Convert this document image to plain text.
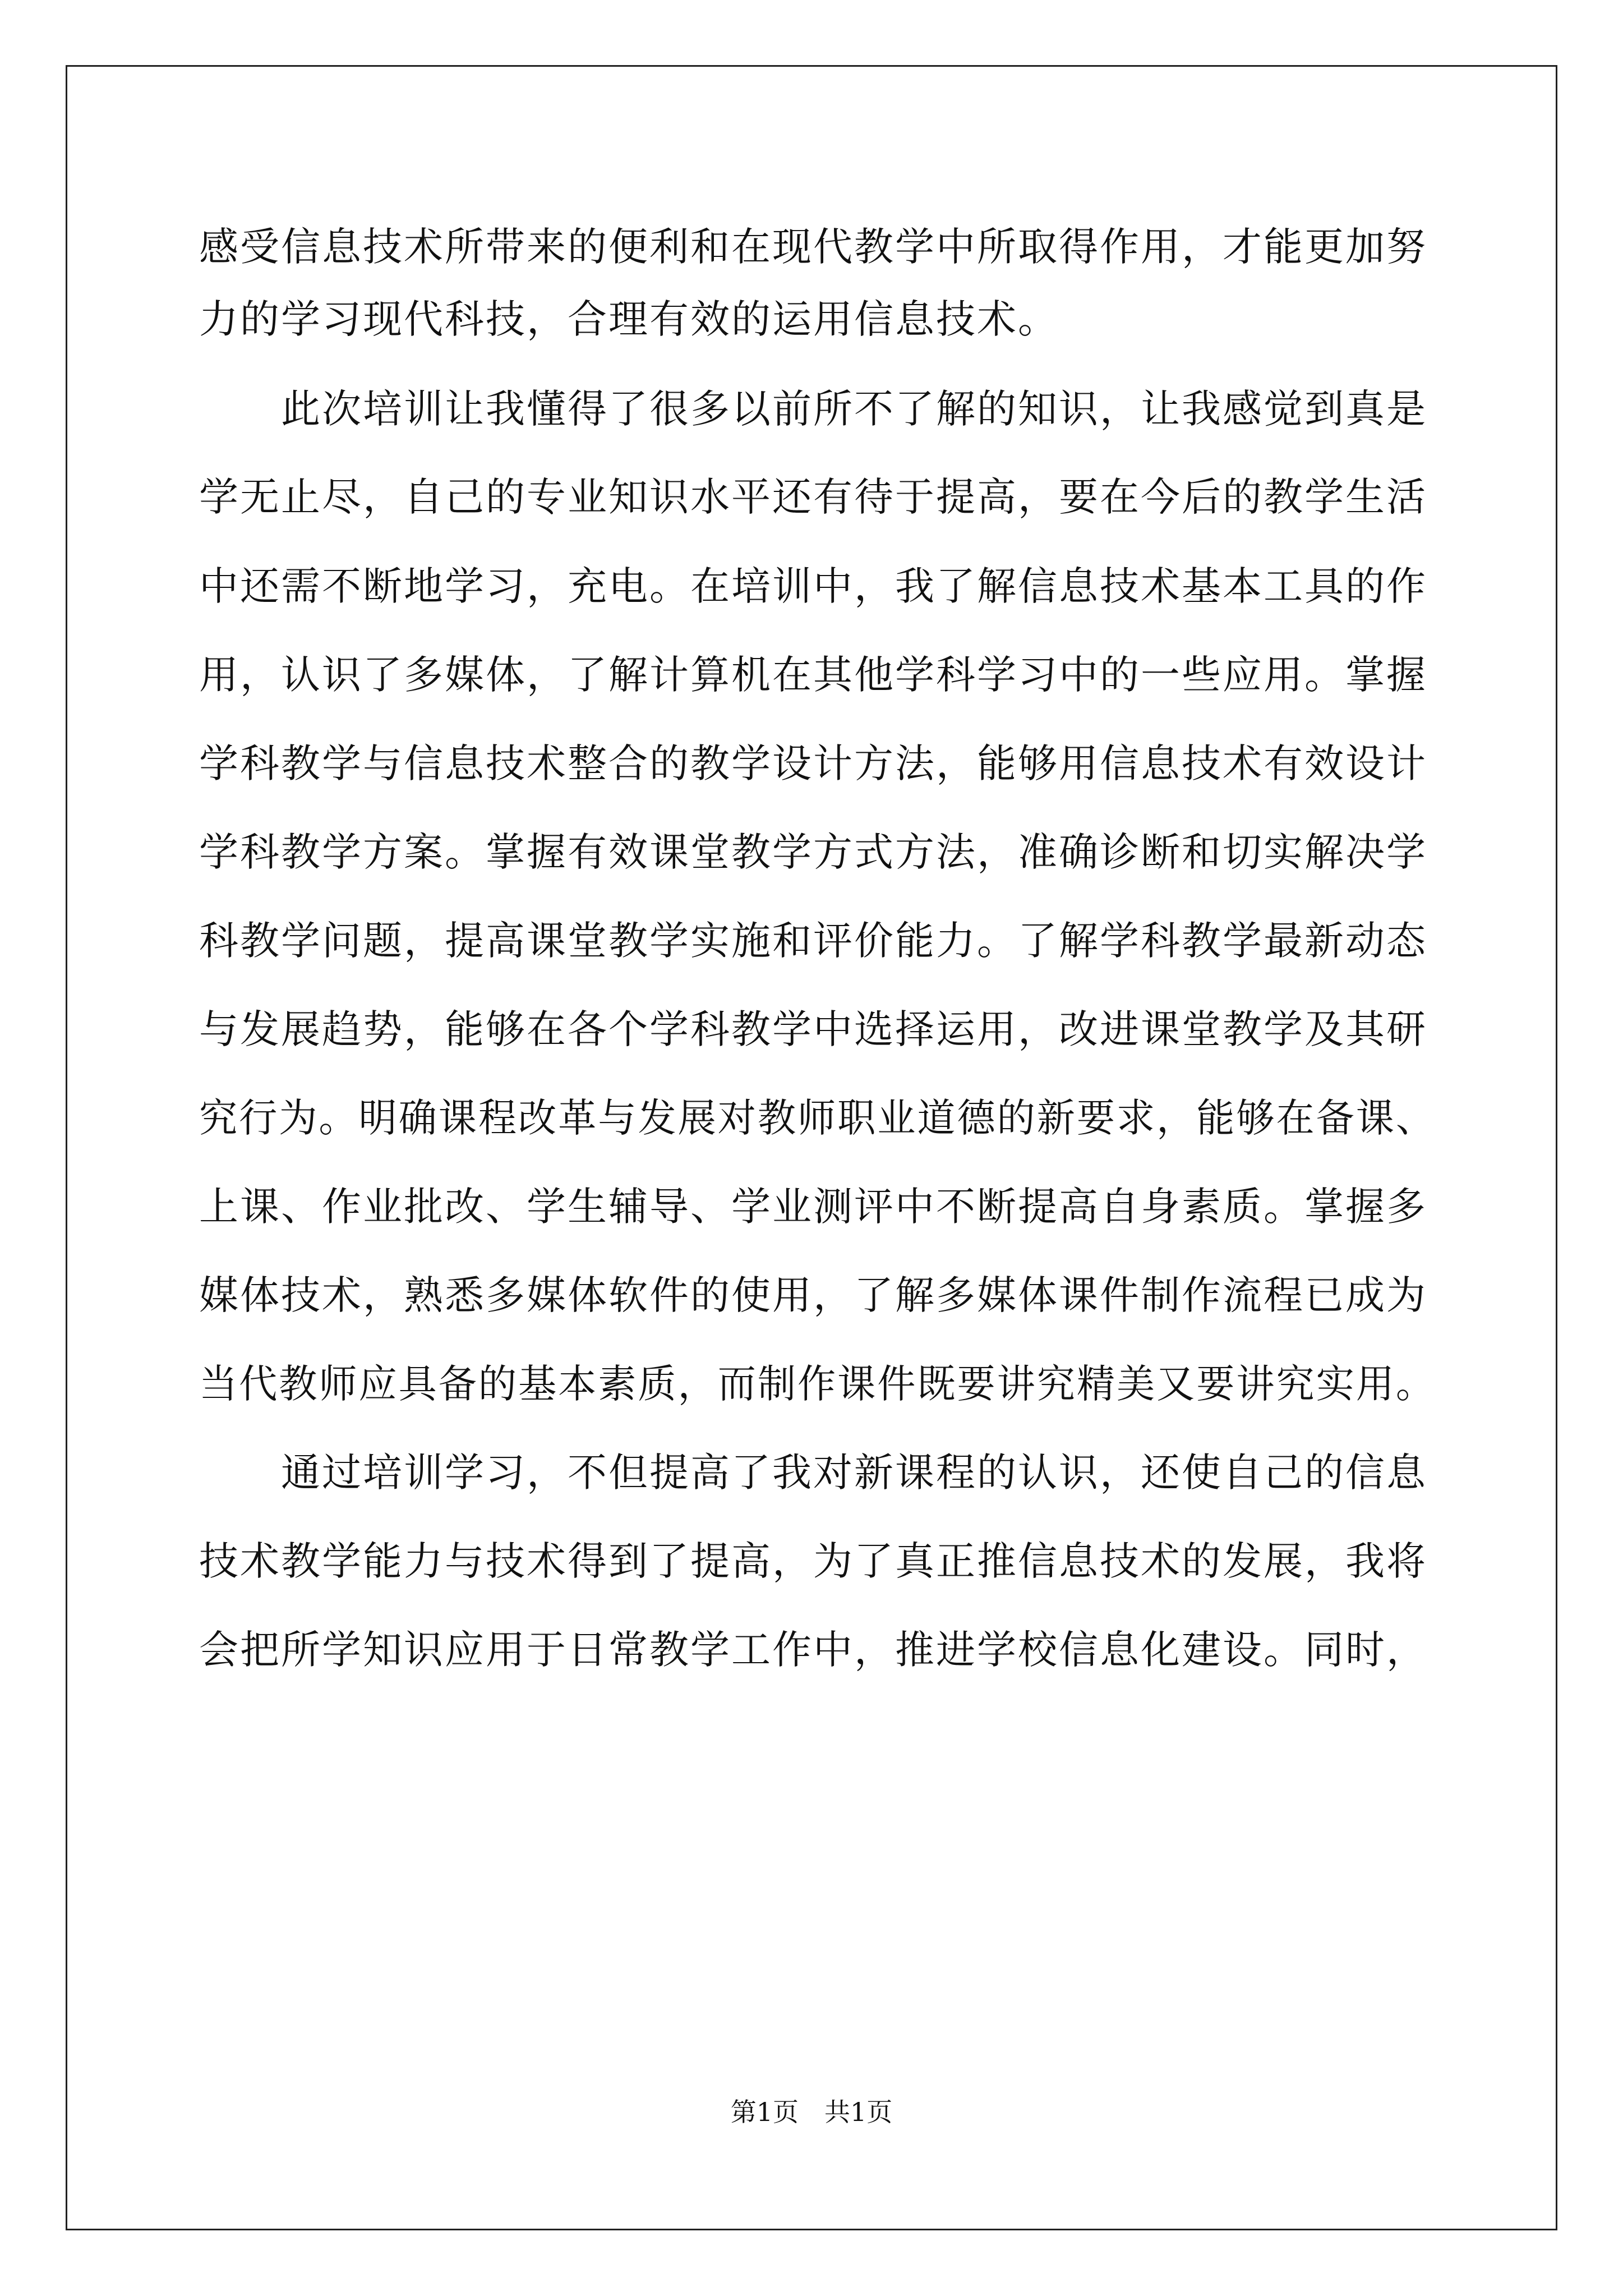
感受信息技术所带来的便利和在现代教学中所取得作用，才能更加努
力的学习现代科技，合理有效的运用信息技术。
　　此次培训让我懂得了很多以前所不了解的知识，让我感觉到真是
学无止尽，自己的专业知识水平还有待于提高，要在今后的教学生活
中还需不断地学习，充电。在培训中，我了解信息技术基本工具的作
用，认识了多媒体，了解计算机在其他学科学习中的一些应用。掌握
学科教学与信息技术整合的教学设计方法，能够用信息技术有效设计
学科教学方案。掌握有效课堂教学方式方法，准确诊断和切实解决学
科教学问题，提高课堂教学实施和评价能力。了解学科教学最新动态
与发展趋势，能够在各个学科教学中选择运用，改进课堂教学及其研
究行为。明确课程改革与发展对教师职业道德的新要求，能够在备课、
上课、作业批改、学生辅导、学业测评中不断提高自身素质。掌握多
媒体技术，熟悉多媒体软件的使用，了解多媒体课件制作流程已成为
当代教师应具备的基本素质，而制作课件既要讲究精美又要讲究实用。
　　通过培训学习，不但提高了我对新课程的认识，还使自己的信息
技术教学能力与技术得到了提高，为了真正推信息技术的发展，我将
会把所学知识应用于日常教学工作中，推进学校信息化建设。同时，
第1页　共1页
